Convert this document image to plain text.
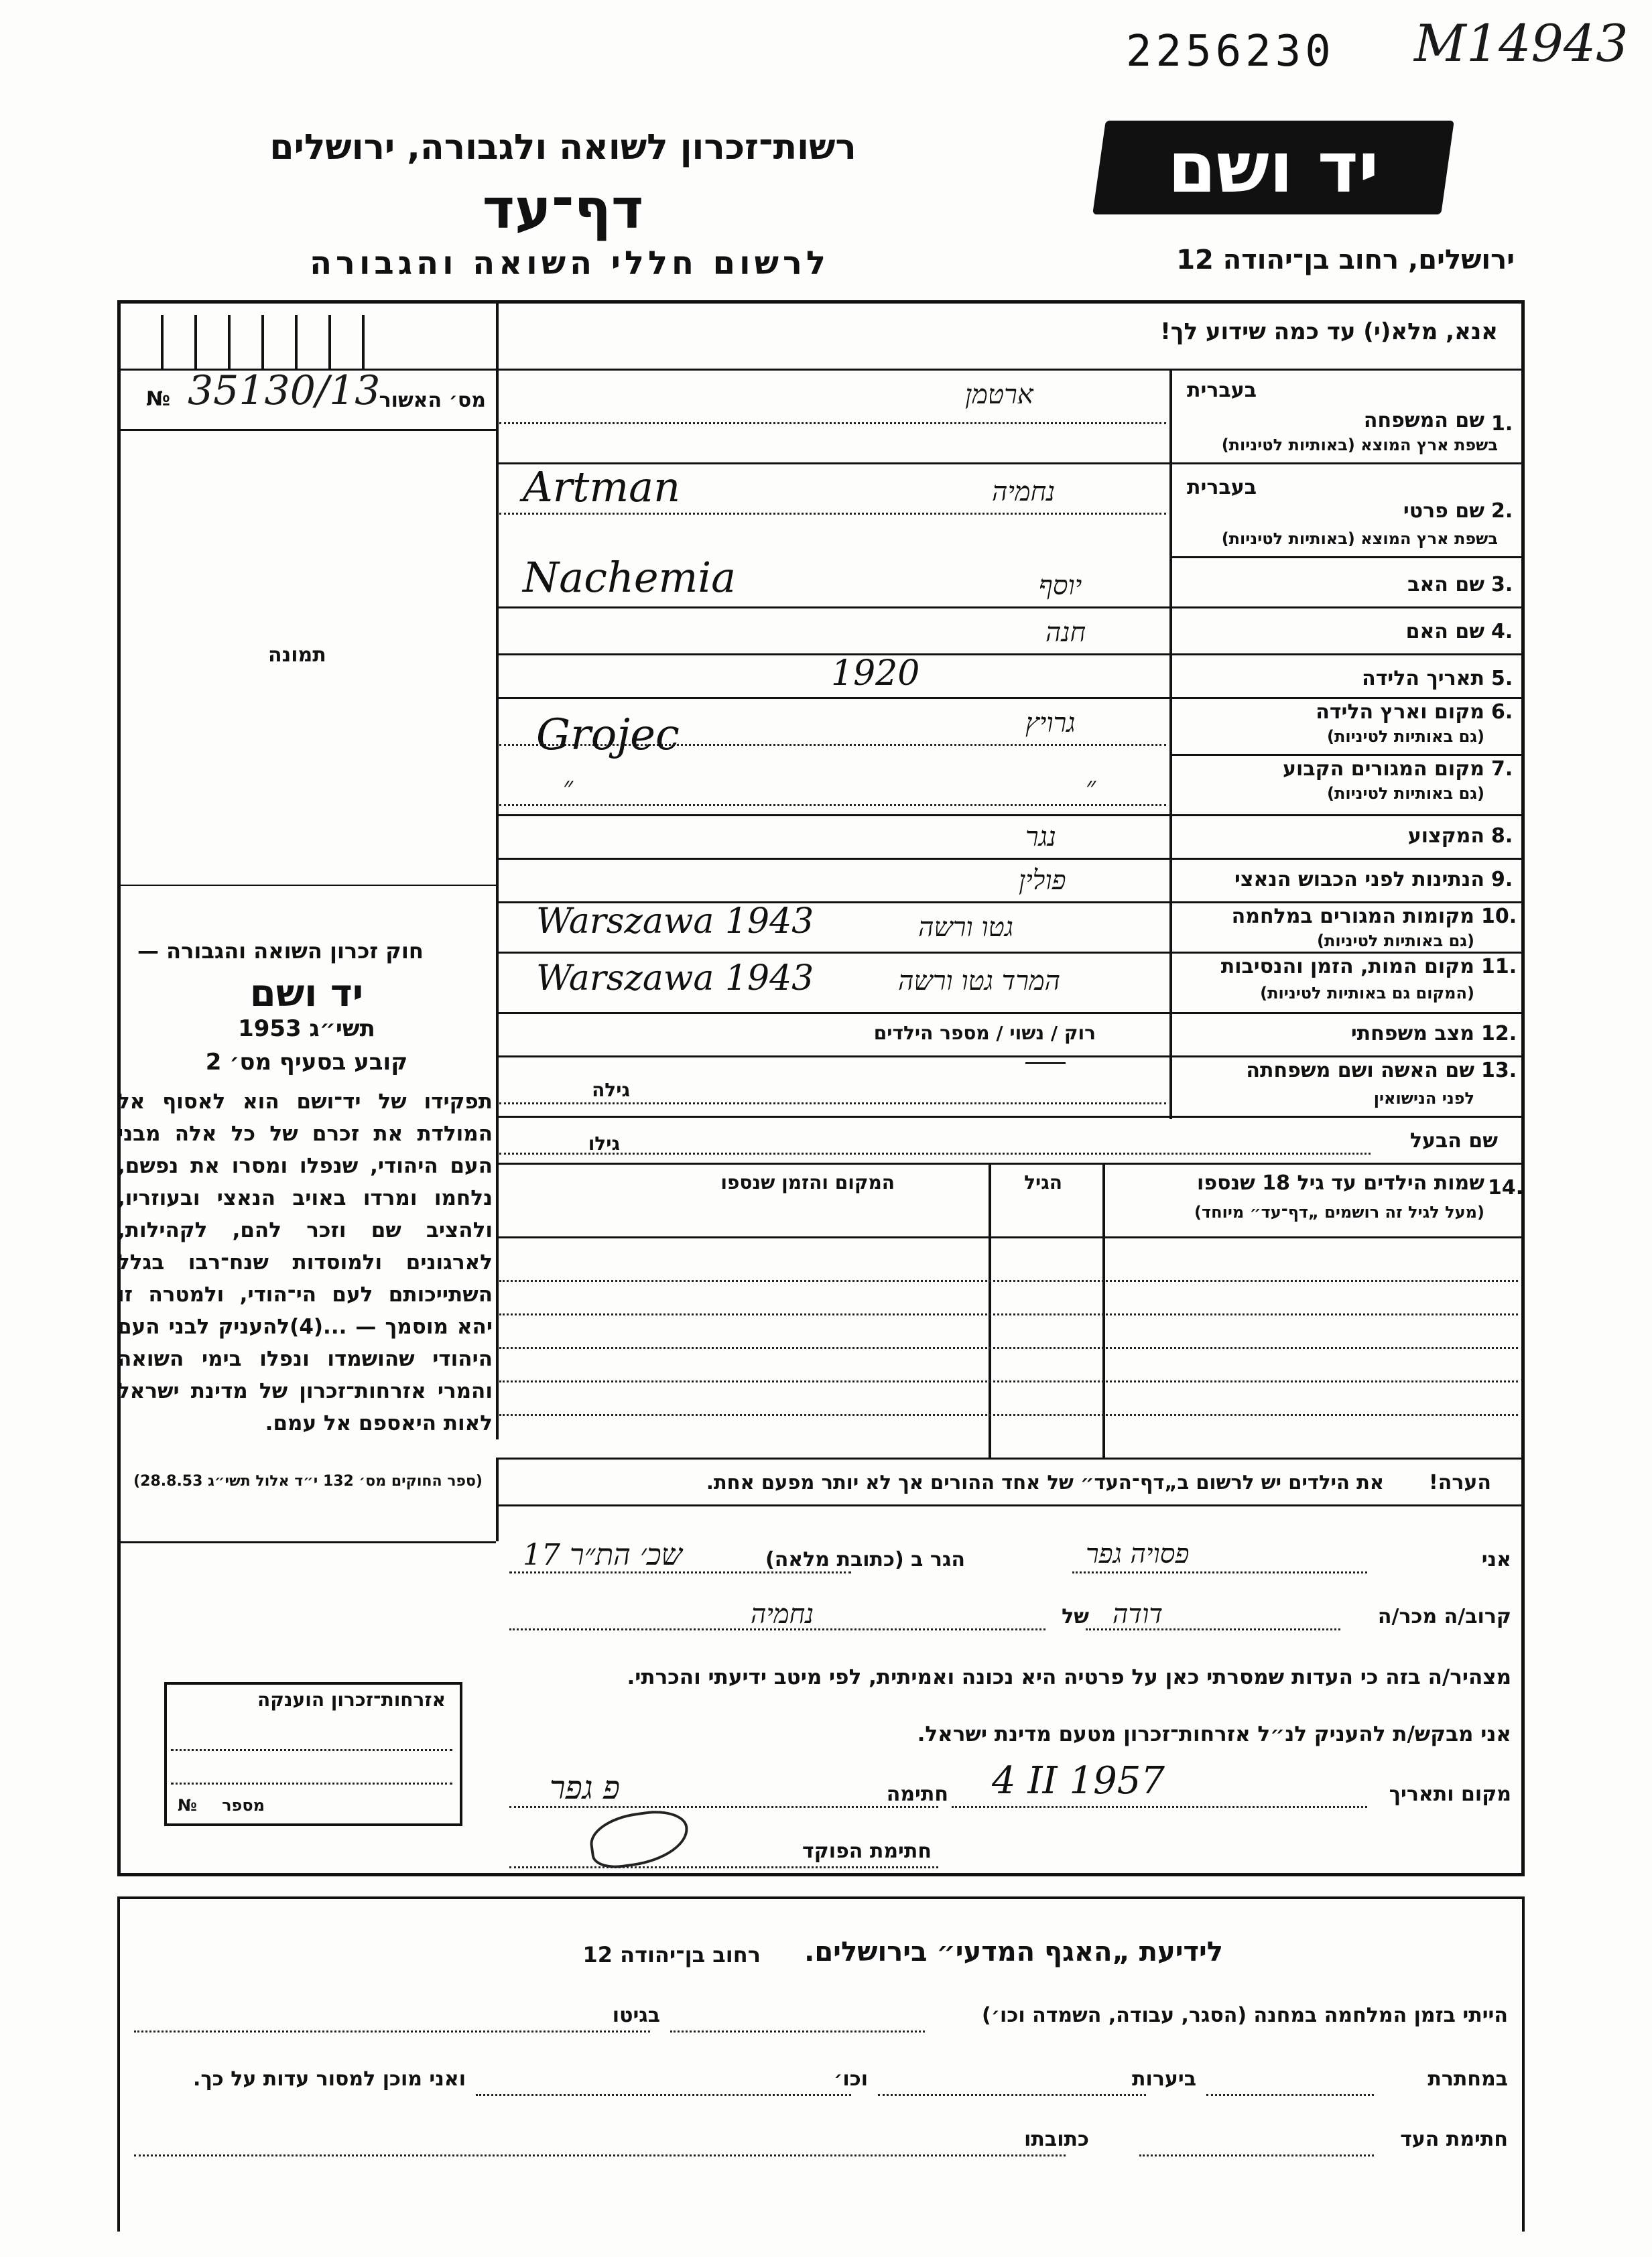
2256230 M14943
רשות־זכרון לשואה ולגבורה, ירושלים
דף־עד
לרשום חללי השואה והגבורה
יד ושם
ירושלים, רחוב בן־יהודה 12
אנא, מלא(י) עד כמה שידוע לך!
№ 35130/13
מס׳ האשור
תמונה
חוק זכרון השואה והגבורה —
יד ושם
תשי״ג 1953
קובע בסעיף מס׳ 2
תפקידו של יד־ושם הוא לאסוף אל המולדת את זכרם של כל אלה מבני העם היהודי, שנפלו ומסרו את נפשם, נלחמו ומרדו באויב הנאצי ובעוזריו, ולהציב שם וזכר להם, לקהילות, לארגונים ולמוסדות שנח־רבו בגלל השתייכותם לעם הי־הודי, ולמטרה זו יהא מוסמך — ...(4)להעניק לבני העם היהודי שהושמדו ונפלו בימי השואה והמרי אזרחות־זכרון של מדינת ישראל לאות היאספם אל עמם.
(ספר החוקים מס׳ 132 י״ד אלול תשי״ג 28.8.53)
1.
בעברית
שם המשפחה
בשפת ארץ המוצא (באותיות לטיניות)
ארטמן
Artman	2.
בעברית
שם פרטי
בשפת ארץ המוצא (באותיות לטיניות)
נחמיה
Nachemia	3.
שם האב
יוסף
4.
שם האם
חנה
5.
תאריך הלידה
1920
6.
מקום וארץ הלידה
(גם באותיות לטיניות)
גרויץ
Grojec
7.
מקום המגורים הקבוע
(גם באותיות לטיניות)
״
״
8.
המקצוע
נגר
9.
הנתינות לפני הכבוש הנאצי
פולין
10.
מקומות המגורים במלחמה
(גם באותיות לטיניות)
גטו ורשה
Warszawa 1943
11.
מקום המות, הזמן והנסיבות
(המקום גם באותיות לטיניות)
המרד גטו ורשה
Warszawa 1943
12.
מצב משפחתי
רוק / נשוי / מספר הילדים
13.
שם האשה ושם משפחתה
לפני הנישואין
גילה
שם הבעל
גילו
14.
שמות הילדים עד גיל 18 שנספו
(מעל לגיל זה רושמים „דף־עד״ מיוחד)
הגיל
המקום והזמן שנספו
הערה!
את הילדים יש לרשום ב„דף־העד״ של אחד ההורים אך לא יותר מפעם אחת.
אני
פסויה גפר
הגר ב (כתובת מלאה)
שכ׳ הת״ר 17
קרוב/ה מכר/ה
דודה
של
נחמיה
מצהיר/ה בזה כי העדות שמסרתי כאן על פרטיה היא נכונה ואמיתית, לפי מיטב ידיעתי והכרתי.
אני מבקש/ת להעניק לנ״ל אזרחות־זכרון מטעם מדינת ישראל.
מקום ותאריך
4 II 1957
חתימה
פ גפר
חתימת הפוקד
אזרחות־זכרון הוענקה
№ מספר
לידיעת „האגף המדעי״ בירושלים.
רחוב בן־יהודה 12
הייתי בזמן המלחמה במחנה (הסגר, עבודה, השמדה וכו׳)
בגיטו
במחתרת
ביערות
וכו׳
ואני מוכן למסור עדות על כך.
חתימת העד
כתובתו
